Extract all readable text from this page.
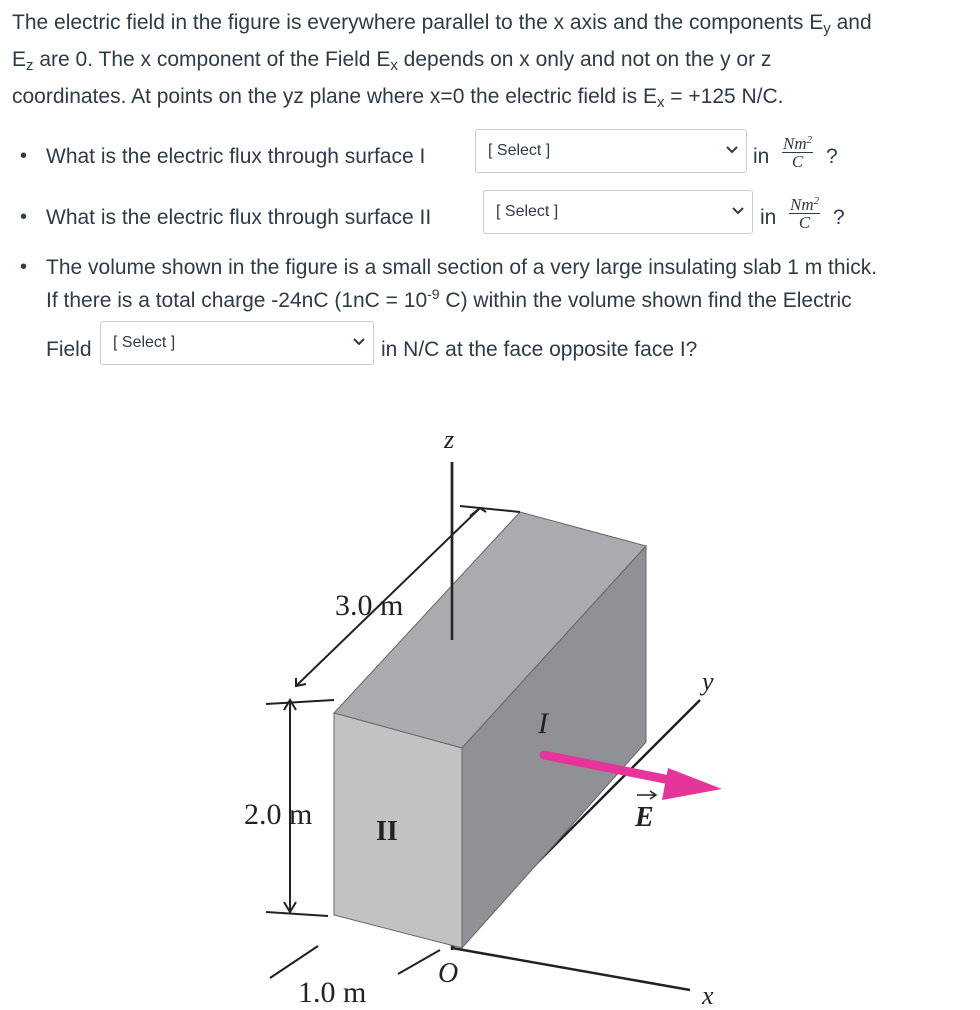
The electric field in the figure is everywhere parallel to the x axis and the components $E_y$ and
$E_z$ are 0. The x component of the Field $E_x$ depends on x only and not on the y or z
coordinates. At points on the yz plane where x=0 the electric field is $E_x = +125$ N/C.
• What is the electric flux through surface I	[ Select ]	in $\frac{Nm^2}{C}$ ?
• What is the electric flux through surface II	[ Select ]	in $\frac{Nm^2}{C}$ ?
• The volume shown in the figure is a small section of a very large insulating slab 1 m thick.
If there is a total charge -24nC ($1nC = 10^{-9}$ C) within the volume shown find the Electric
Field [ Select ]	in N/C at the face opposite face I?
z
y
x
O
3.0 m
2.0 m
1.0 m
I
II	E
